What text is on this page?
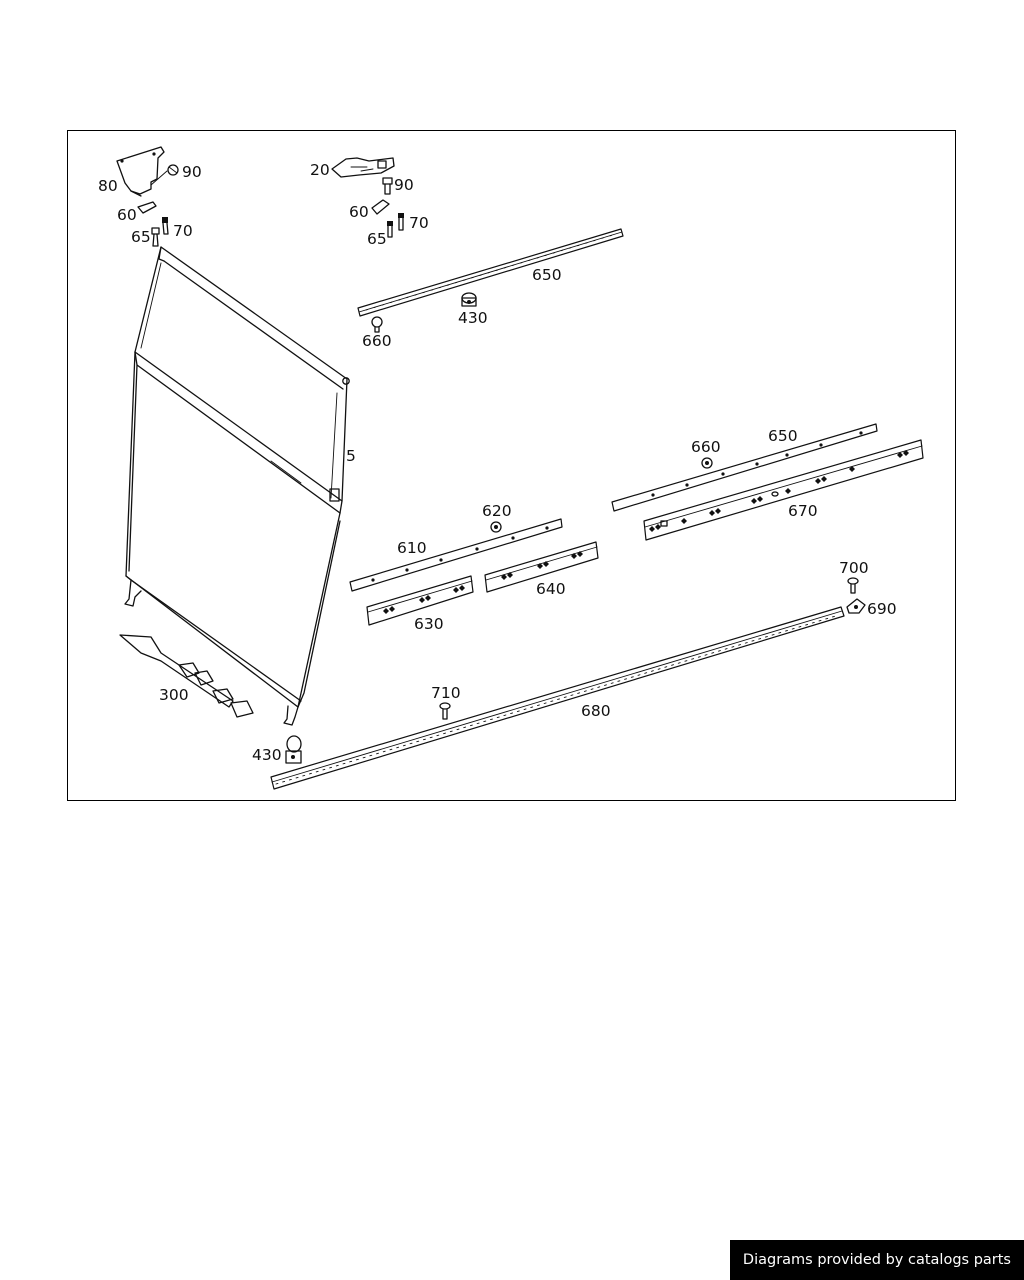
80
90
60
65 70
20
90
60
65
70
650
430
660
5	660
650
670
620
610
640
630
700
690
300	710
680
430
Diagrams provided by catalogs parts
